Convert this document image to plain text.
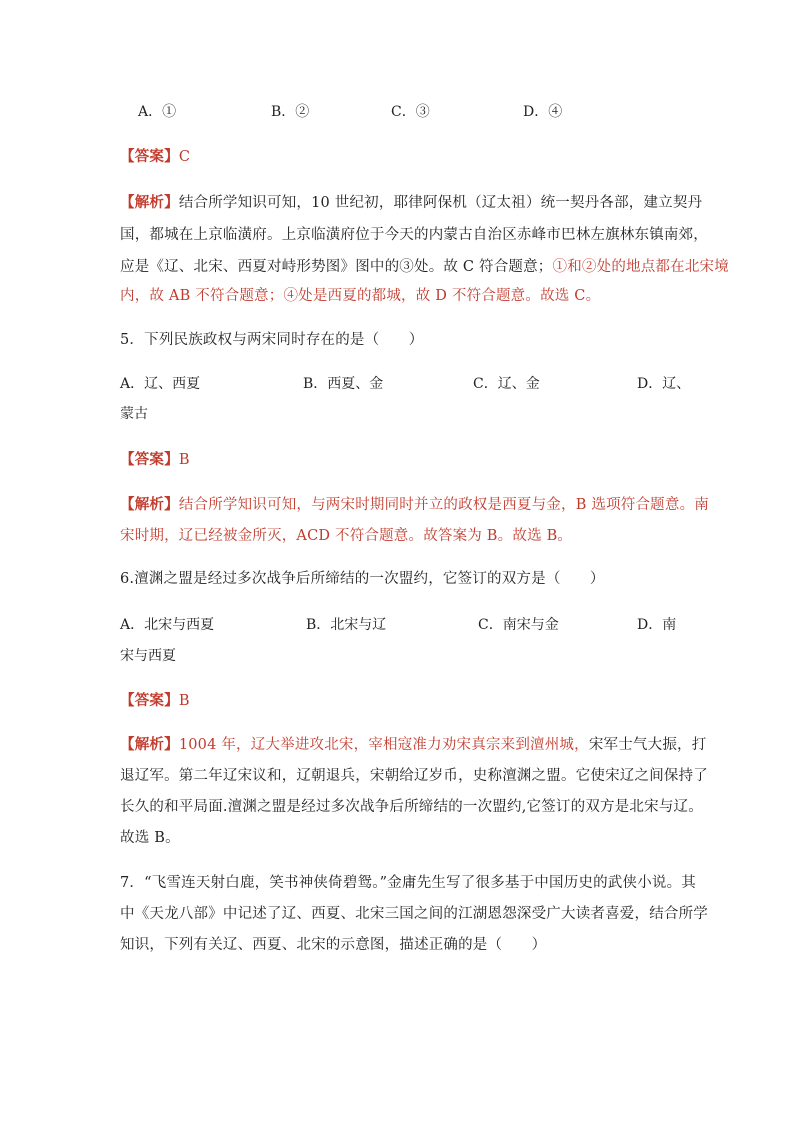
A．①	B．②	C．③	D．④
【答案】C
【解析】结合所学知识可知，10 世纪初，耶律阿保机（辽太祖）统一契丹各部，建立契丹
国，都城在上京临潢府。上京临潢府位于今天的内蒙古自治区赤峰市巴林左旗林东镇南郊，
应是《辽、北宋、西夏对峙形势图》图中的③处。故 C 符合题意；①和②处的地点都在北宋境
内，故 AB 不符合题意；④处是西夏的都城，故 D 不符合题意。故选 C。
5．下列民族政权与两宋同时存在的是（　　）
A．辽、西夏	B．西夏、金	C．辽、金	D．辽、
蒙古
【答案】B
【解析】结合所学知识可知，与两宋时期同时并立的政权是西夏与金，B 选项符合题意。南
宋时期，辽已经被金所灭，ACD 不符合题意。故答案为 B。故选 B。
6.澶渊之盟是经过多次战争后所缔结的一次盟约，它签订的双方是（　　）
A．北宋与西夏	B．北宋与辽	C．南宋与金	D．南
宋与西夏
【答案】B
【解析】1004 年，辽大举进攻北宋，宰相寇准力劝宋真宗来到澶州城，宋军士气大振，打
退辽军。第二年辽宋议和，辽朝退兵，宋朝给辽岁币，史称澶渊之盟。它使宋辽之间保持了
长久的和平局面.澶渊之盟是经过多次战争后所缔结的一次盟约,它签订的双方是北宋与辽。
故选 B。
7．“飞雪连天射白鹿，笑书神侠倚碧鸳。”金庸先生写了很多基于中国历史的武侠小说。其
中《天龙八部》中记述了辽、西夏、北宋三国之间的江湖恩怨深受广大读者喜爱，结合所学
知识，下列有关辽、西夏、北宋的示意图，描述正确的是（　　）
